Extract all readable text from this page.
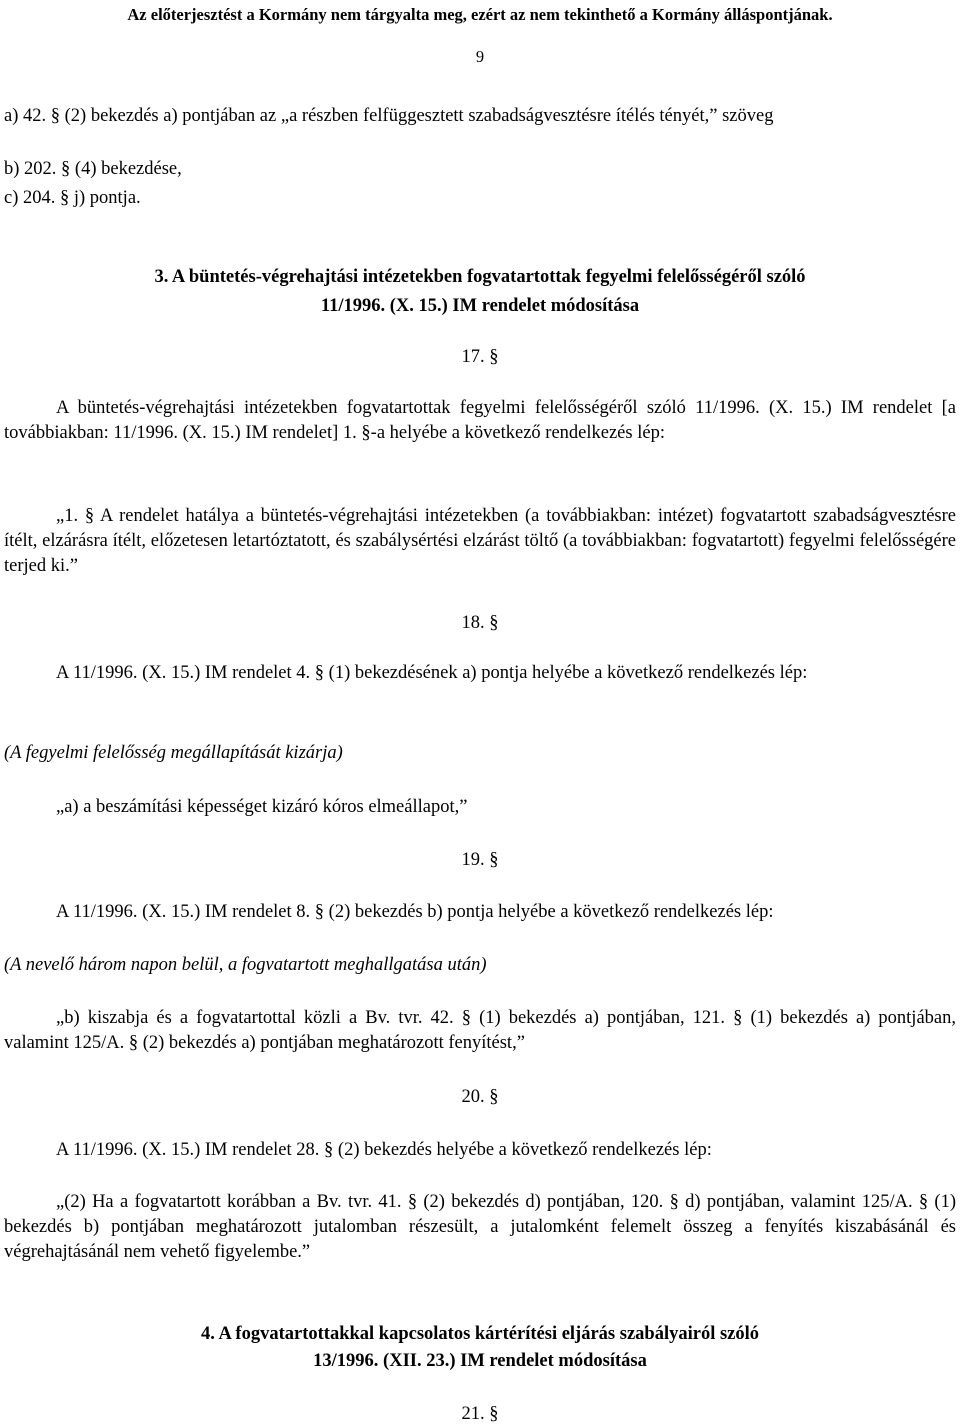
Az előterjesztést a Kormány nem tárgyalta meg, ezért az nem tekinthető a Kormány álláspontjának.

9

a) 42. § (2) bekezdés a) pontjában az „a részben felfüggesztett szabadságvesztésre ítélés tényét,” szöveg

b) 202. § (4) bekezdése,

c) 204. § j) pontja.

3. A büntetés-végrehajtási intézetekben fogvatartottak fegyelmi felelősségéről szóló

11/1996. (X. 15.) IM rendelet módosítása

17. §

A büntetés-végrehajtási intézetekben fogvatartottak fegyelmi felelősségéről szóló 11/1996. (X. 15.) IM rendelet [a továbbiakban: 11/1996. (X. 15.) IM rendelet] 1. §-a helyébe a következő rendelkezés lép:

„1. § A rendelet hatálya a büntetés-végrehajtási intézetekben (a továbbiakban: intézet) fogvatartott szabadságvesztésre ítélt, elzárásra ítélt, előzetesen letartóztatott, és szabálysértési elzárást töltő (a továbbiakban: fogvatartott) fegyelmi felelősségére terjed ki.”

18. §

A 11/1996. (X. 15.) IM rendelet 4. § (1) bekezdésének a) pontja helyébe a következő rendelkezés lép:

(A fegyelmi felelősség megállapítását kizárja)

„a) a beszámítási képességet kizáró kóros elmeállapot,”

19. §

A 11/1996. (X. 15.) IM rendelet 8. § (2) bekezdés b) pontja helyébe a következő rendelkezés lép:

(A nevelő három napon belül, a fogvatartott meghallgatása után)

„b) kiszabja és a fogvatartottal közli a Bv. tvr. 42. § (1) bekezdés a) pontjában, 121. § (1) bekezdés a) pontjában, valamint 125/A. § (2) bekezdés a) pontjában meghatározott fenyítést,”

20. §

A 11/1996. (X. 15.) IM rendelet 28. § (2) bekezdés helyébe a következő rendelkezés lép:

„(2) Ha a fogvatartott korábban a Bv. tvr. 41. § (2) bekezdés d) pontjában, 120. § d) pontjában, valamint 125/A. § (1) bekezdés b) pontjában meghatározott jutalomban részesült, a jutalomként felemelt összeg a fenyítés kiszabásánál és végrehajtásánál nem vehető figyelembe.”

4. A fogvatartottakkal kapcsolatos kártérítési eljárás szabályairól szóló

13/1996. (XII. 23.) IM rendelet módosítása

21. §
